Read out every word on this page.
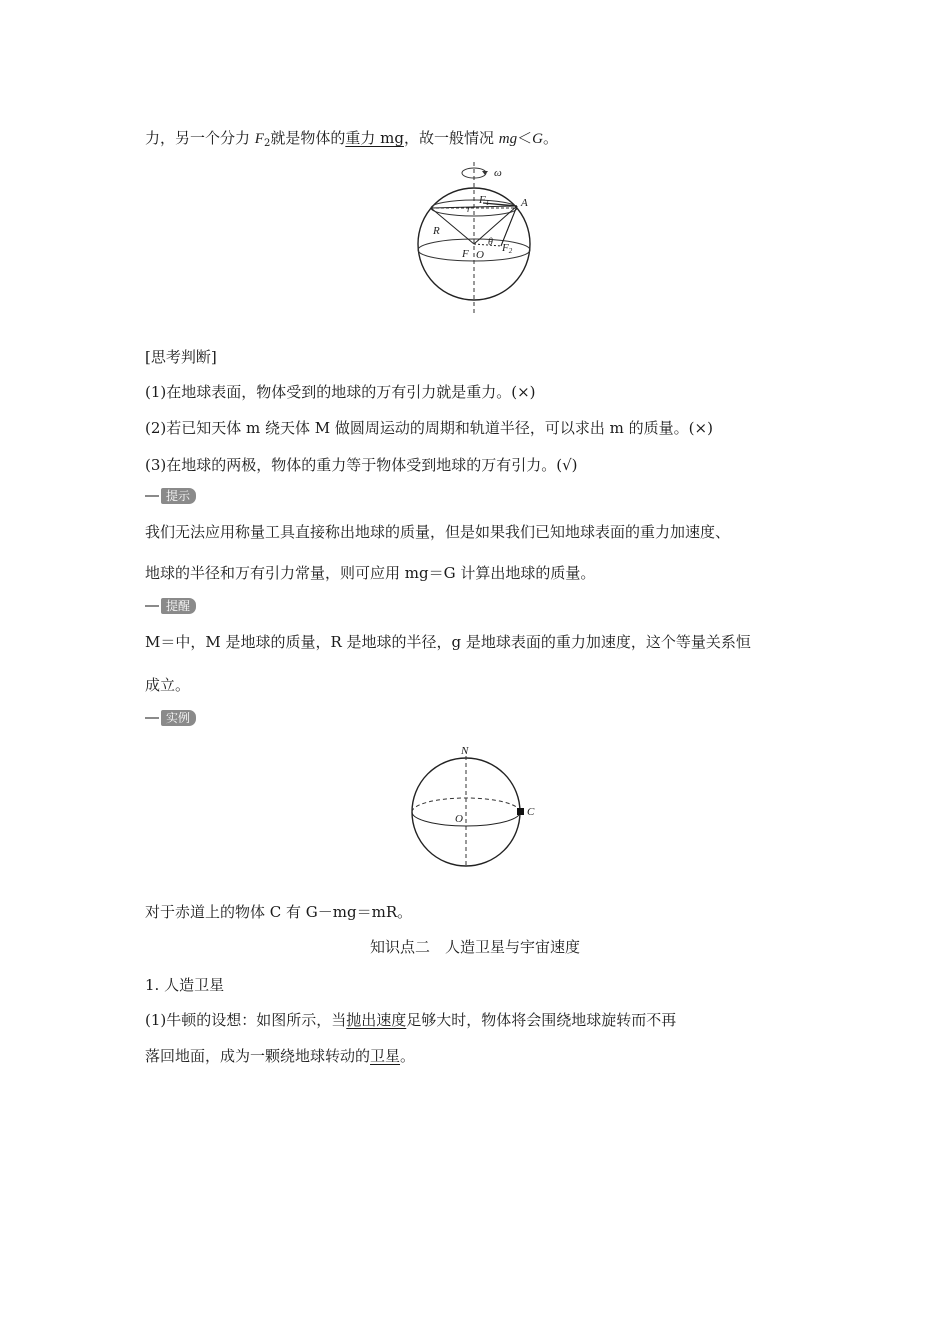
力，另一个分力 $F_2$就是物体的重力 mg，故一般情况 mg＜G。
ω
F1
r
A
R
θ F2
F O
[思考判断]
(1)在地球表面，物体受到的地球的万有引力就是重力。(×)
(2)若已知天体 m 绕天体 M 做圆周运动的周期和轨道半径，可以求出 m 的质量。(×)
(3)在地球的两极，物体的重力等于物体受到地球的万有引力。(√)
提示
我们无法应用称量工具直接称出地球的质量，但是如果我们已知地球表面的重力加速度、
地球的半径和万有引力常量，则可应用 mg＝G 计算出地球的质量。
提醒
M＝中，M 是地球的质量，R 是地球的半径，g 是地球表面的重力加速度，这个等量关系恒
成立。
实例
N
O
C
对于赤道上的物体 C 有 G－mg＝mR。
知识点二　人造卫星与宇宙速度
1. 人造卫星
(1)牛顿的设想：如图所示，当抛出速度足够大时，物体将会围绕地球旋转而不再
落回地面，成为一颗绕地球转动的卫星。
